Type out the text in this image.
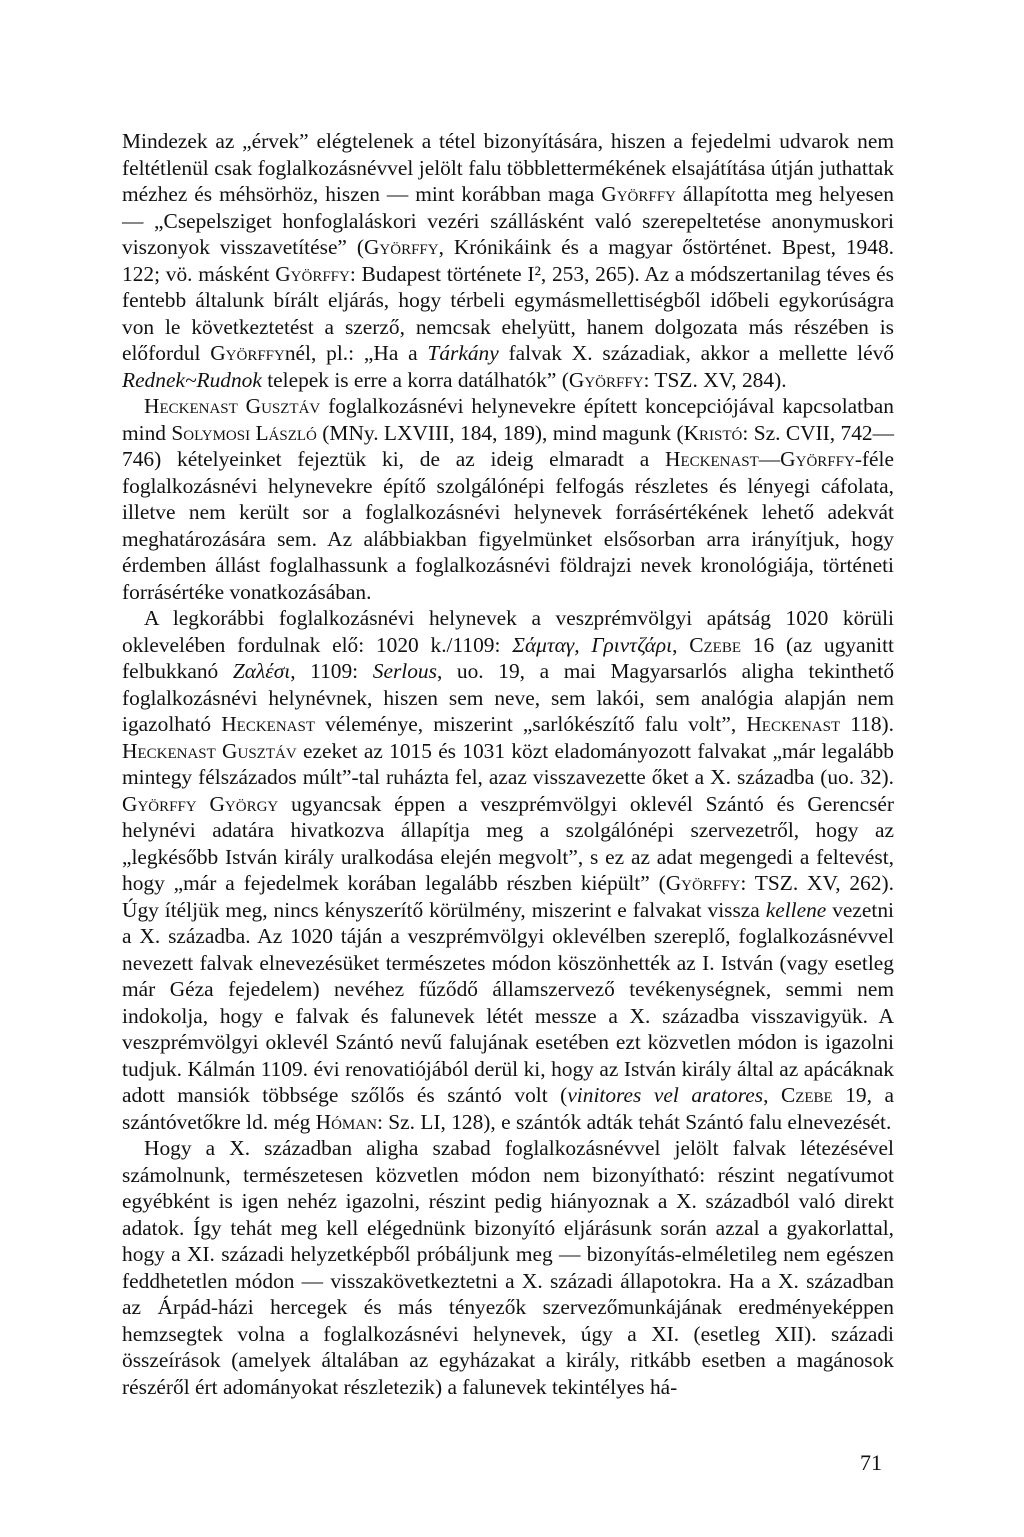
Mindezek az „érvek” elégtelenek a tétel bizonyítására, hiszen a fejedelmi udvarok nem feltétlenül csak foglalkozásnévvel jelölt falu többlettermékének elsajátítása útján juthattak mézhez és méhsörhöz, hiszen — mint korábban maga Györffy állapította meg helyesen — „Csepelsziget honfoglaláskori vezéri szállásként való szerepeltetése anonymuskori viszonyok visszavetítése” (Györffy, Krónikáink és a magyar őstörténet. Bpest, 1948. 122; vö. másként Györffy: Budapest története I², 253, 265). Az a módszertanilag téves és fentebb általunk bírált eljárás, hogy térbeli egymásmellettiségből időbeli egykorúságra von le következtetést a szerző, nemcsak ehelyütt, hanem dolgozata más részében is előfordul Györffynél, pl.: „Ha a Tárkány falvak X. századiak, akkor a mellette lévő Rednek~Rudnok telepek is erre a korra datálhatók” (Györffy: TSZ. XV, 284).

Heckenast Gusztáv foglalkozásnévi helynevekre épített koncepciójával kapcsolatban mind Solymosi László (MNy. LXVIII, 184, 189), mind magunk (Kristó: Sz. CVII, 742—746) kételyeinket fejeztük ki, de az ideig elmaradt a Heckenast—Györffy-féle foglalkozásnévi helynevekre építő szolgálónépi felfogás részletes és lényegi cáfolata, illetve nem került sor a foglalkozásnévi helynevek forrásértékének lehető adekvát meghatározására sem. Az alábbiakban figyelmünket elsősorban arra irányítjuk, hogy érdemben állást foglalhassunk a foglalkozásnévi földrajzi nevek kronológiája, történeti forrásértéke vonatkozásában.

A legkorábbi foglalkozásnévi helynevek a veszprémvölgyi apátság 1020 körüli oklevelében fordulnak elő: 1020 k./1109: Σάμταγ, Γριντζάρι, Czebe 16 (az ugyanitt felbukkanó Ζαλέσι, 1109: Serlous, uo. 19, a mai Magyarsarlós aligha tekinthető foglalkozásnévi helynévnek, hiszen sem neve, sem lakói, sem analógia alapján nem igazolható Heckenast véleménye, miszerint „sarlókészítő falu volt”, Heckenast 118). Heckenast Gusztáv ezeket az 1015 és 1031 közt eladományozott falvakat „már legalább mintegy félszázados múlt”-tal ruházta fel, azaz visszavezette őket a X. századba (uo. 32). Györffy György ugyancsak éppen a veszprémvölgyi oklevél Szántó és Gerencsér helynévi adatára hivatkozva állapítja meg a szolgálónépi szervezetről, hogy az „legkésőbb István király uralkodása elején megvolt”, s ez az adat megengedi a feltevést, hogy „már a fejedelmek korában legalább részben kiépült” (Györffy: TSZ. XV, 262). Úgy ítéljük meg, nincs kényszerítő körülmény, miszerint e falvakat vissza kellene vezetni a X. századba. Az 1020 táján a veszprémvölgyi oklevélben szereplő, foglalkozásnévvel nevezett falvak elnevezésüket természetes módon köszönhették az I. István (vagy esetleg már Géza fejedelem) nevéhez fűződő államszervező tevékenységnek, semmi nem indokolja, hogy e falvak és falunevek létét messze a X. századba visszavigyük. A veszprémvölgyi oklevél Szántó nevű falujának esetében ezt közvetlen módon is igazolni tudjuk. Kálmán 1109. évi renovatiójából derül ki, hogy az István király által az apácáknak adott mansiók többsége szőlős és szántó volt (vinitores vel aratores, Czebe 19, a szántóvetőkre ld. még Hóman: Sz. LI, 128), e szántók adták tehát Szántó falu elnevezését.

Hogy a X. században aligha szabad foglalkozásnévvel jelölt falvak létezésével számolnunk, természetesen közvetlen módon nem bizonyítható: részint negatívumot egyébként is igen nehéz igazolni, részint pedig hiányoznak a X. századból való direkt adatok. Így tehát meg kell elégednünk bizonyító eljárásunk során azzal a gyakorlattal, hogy a XI. századi helyzetképből próbáljunk meg — bizonyítás-elméletileg nem egészen feddhetetlen módon — visszakövetkeztetni a X. századi állapotokra. Ha a X. században az Árpád-házi hercegek és más tényezők szervezőmunkájának eredményeképpen hemzsegtek volna a foglalkozásnévi helynevek, úgy a XI. (esetleg XII). századi összeírások (amelyek általában az egyházakat a király, ritkább esetben a magánosok részéről ért adományokat részletezik) a falunevek tekintélyes há-

71
